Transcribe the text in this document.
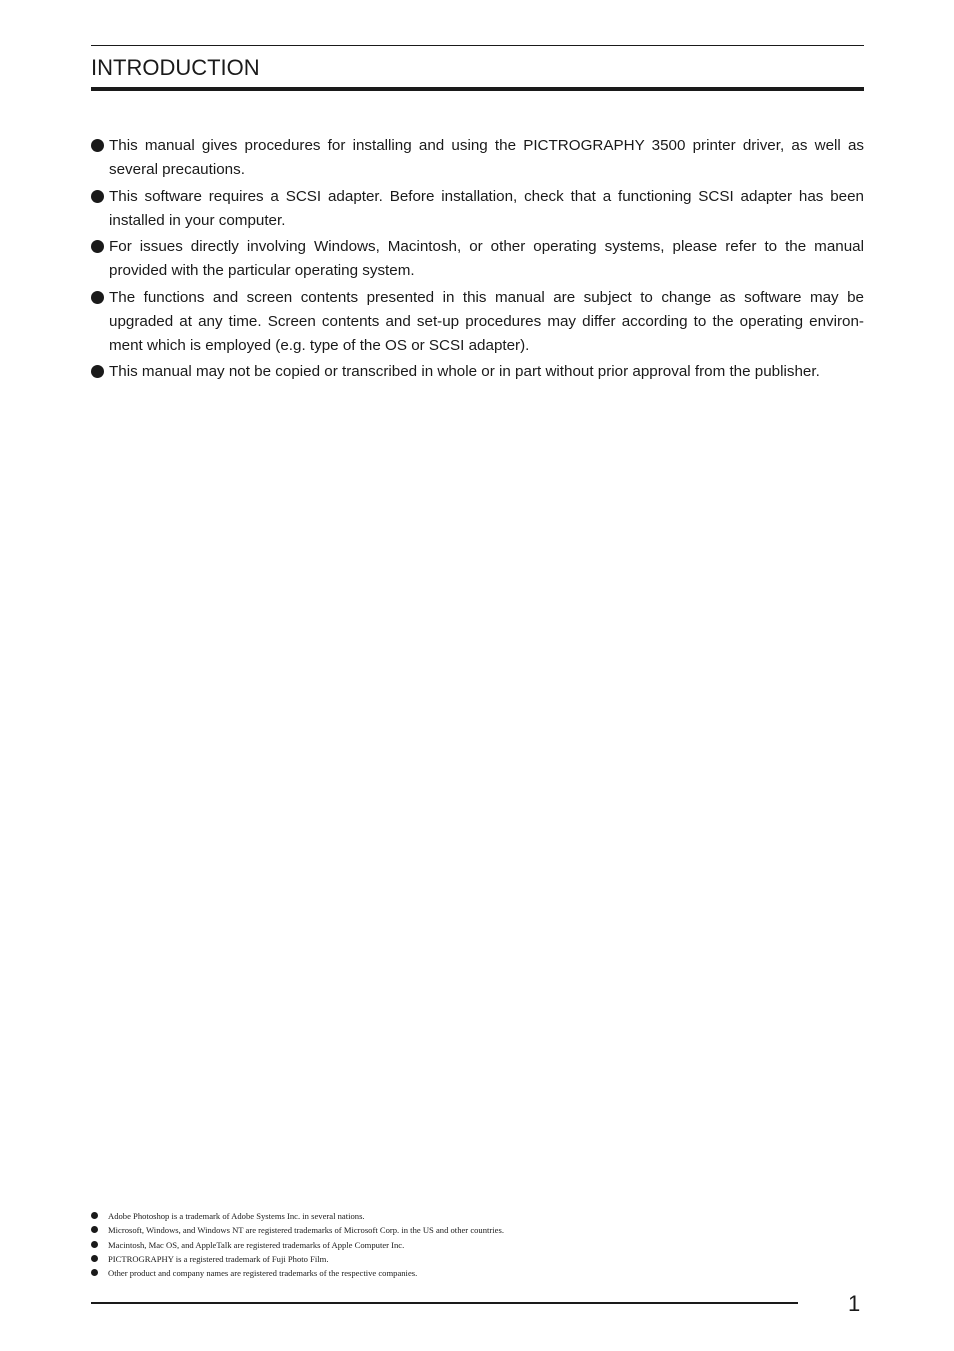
INTRODUCTION
This manual gives procedures for installing and using the PICTROGRAPHY 3500 printer driver, as well as several precautions.
This software requires a SCSI adapter. Before installation, check that a functioning SCSI adapter has been installed in your computer.
For issues directly involving Windows, Macintosh, or other operating systems, please refer to the manual provided with the particular operating system.
The functions and screen contents presented in this manual are subject to change as software may be upgraded at any time. Screen contents and set-up procedures may differ according to the operating environ-ment which is employed (e.g. type of the OS or SCSI adapter).
This manual may not be copied or transcribed in whole or in part without prior approval from the publisher.
Adobe Photoshop is a trademark of Adobe Systems Inc. in several nations.
Microsoft, Windows, and Windows NT are registered trademarks of Microsoft Corp. in the US and other countries.
Macintosh, Mac OS, and AppleTalk are registered trademarks of Apple Computer Inc.
PICTROGRAPHY is a registered trademark of Fuji Photo Film.
Other product and company names are registered trademarks of the respective companies.
1
